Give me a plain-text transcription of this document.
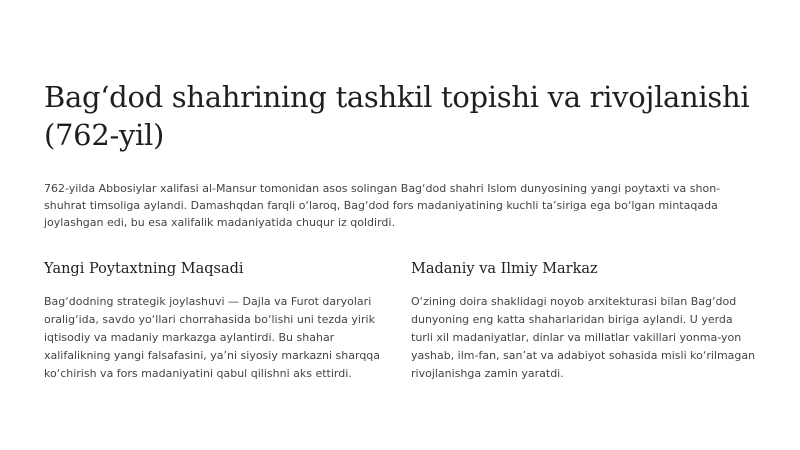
Bagʻdod shahrining tashkil topishi va rivojlanishi (762-yil)

762-yilda Abbosiylar xalifasi al-Mansur tomonidan asos solingan Bag‘dod shahri Islom dunyosining yangi poytaxti va shon-shuhrat timsoliga aylandi. Damashqdan farqli o‘laroq, Bag‘dod fors madaniyatining kuchli ta’siriga ega bo‘lgan mintaqada joylashgan edi, bu esa xalifalik madaniyatida chuqur iz qoldirdi.

Yangi Poytaxtning Maqsadi

Bag‘dodning strategik joylashuvi — Dajla va Furot daryolari oralig‘ida, savdo yo‘llari chorrahasida bo‘lishi uni tezda yirik iqtisodiy va madaniy markazga aylantirdi. Bu shahar xalifalikning yangi falsafasini, ya’ni siyosiy markazni sharqqa ko‘chirish va fors madaniyatini qabul qilishni aks ettirdi.

Madaniy va Ilmiy Markaz

O‘zining doira shaklidagi noyob arxitekturasi bilan Bag‘dod dunyoning eng katta shaharlaridan biriga aylandi. U yerda turli xil madaniyatlar, dinlar va millatlar vakillari yonma-yon yashab, ilm-fan, san’at va adabiyot sohasida misli ko‘rilmagan rivojlanishga zamin yaratdi.
